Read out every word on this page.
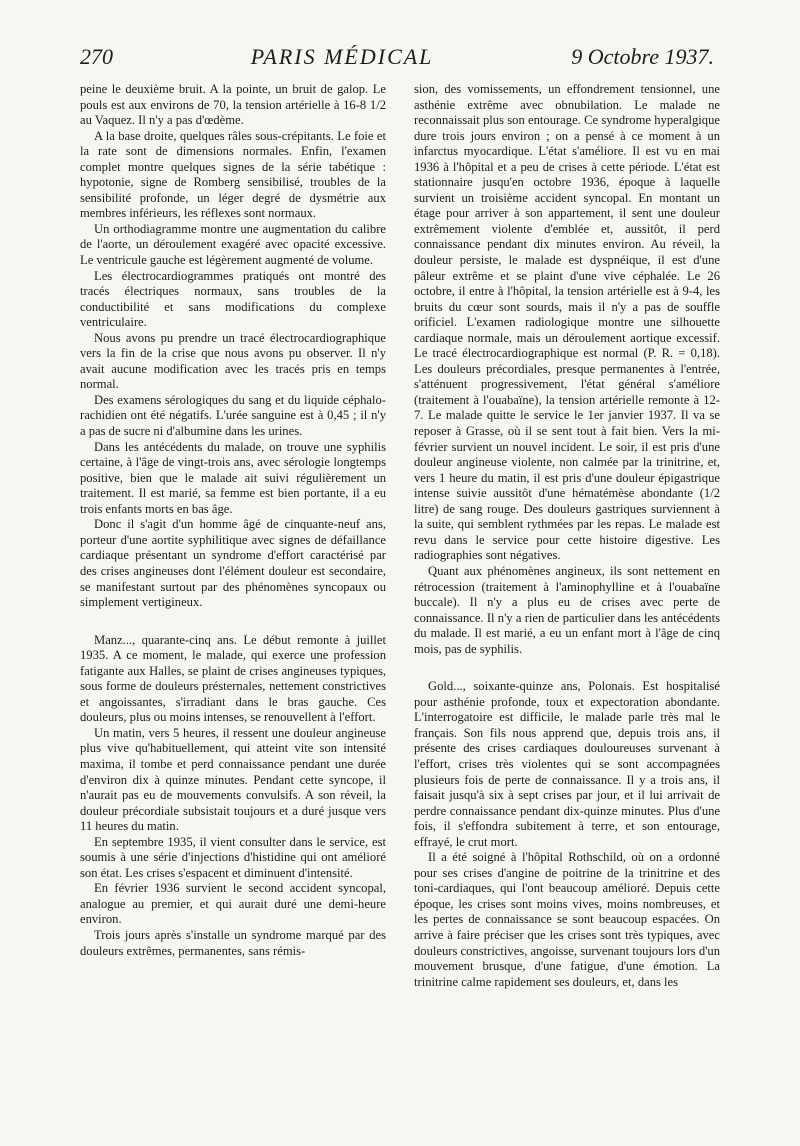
270	PARIS MÉDICAL	9 Octobre 1937.

peine le deuxième bruit. A la pointe, un bruit de galop. Le pouls est aux environs de 70, la tension artérielle à 16-8 1/2 au Vaquez. Il n'y a pas d'œdème.

A la base droite, quelques râles sous-crépitants. Le foie et la rate sont de dimensions normales. Enfin, l'examen complet montre quelques signes de la série tabétique : hypotonie, signe de Romberg sensibilisé, troubles de la sensibilité profonde, un léger degré de dysmétrie aux membres inférieurs, les réflexes sont normaux.

Un orthodiagramme montre une augmentation du calibre de l'aorte, un déroulement exagéré avec opacité excessive. Le ventricule gauche est légèrement augmenté de volume.

Les électrocardiogrammes pratiqués ont montré des tracés électriques normaux, sans troubles de la conductibilité et sans modifications du complexe ventriculaire.

Nous avons pu prendre un tracé électrocardiographique vers la fin de la crise que nous avons pu observer. Il n'y avait aucune modification avec les tracés pris en temps normal.

Des examens sérologiques du sang et du liquide céphalo-rachidien ont été négatifs. L'urée sanguine est à 0,45 ; il n'y a pas de sucre ni d'albumine dans les urines.

Dans les antécédents du malade, on trouve une syphilis certaine, à l'âge de vingt-trois ans, avec sérologie longtemps positive, bien que le malade ait suivi régulièrement un traitement. Il est marié, sa femme est bien portante, il a eu trois enfants morts en bas âge.

Donc il s'agit d'un homme âgé de cinquante-neuf ans, porteur d'une aortite syphilitique avec signes de défaillance cardiaque présentant un syndrome d'effort caractérisé par des crises angineuses dont l'élément douleur est secondaire, se manifestant surtout par des phénomènes syncopaux ou simplement vertigineux.

Manz..., quarante-cinq ans. Le début remonte à juillet 1935. A ce moment, le malade, qui exerce une profession fatigante aux Halles, se plaint de crises angineuses typiques, sous forme de douleurs présternales, nettement constrictives et angoissantes, s'irradiant dans le bras gauche. Ces douleurs, plus ou moins intenses, se renouvellent à l'effort.

Un matin, vers 5 heures, il ressent une douleur angineuse plus vive qu'habituellement, qui atteint vite son intensité maxima, il tombe et perd connaissance pendant une durée d'environ dix à quinze minutes. Pendant cette syncope, il n'aurait pas eu de mouvements convulsifs. A son réveil, la douleur précordiale subsistait toujours et a duré jusque vers 11 heures du matin.

En septembre 1935, il vient consulter dans le service, est soumis à une série d'injections d'histidine qui ont amélioré son état. Les crises s'espacent et diminuent d'intensité.

En février 1936 survient le second accident syncopal, analogue au premier, et qui aurait duré une demi-heure environ.

Trois jours après s'installe un syndrome marqué par des douleurs extrêmes, permanentes, sans rémis-

sion, des vomissements, un effondrement tensionnel, une asthénie extrême avec obnubilation. Le malade ne reconnaissait plus son entourage. Ce syndrome hyperalgique dure trois jours environ ; on a pensé à ce moment à un infarctus myocardique. L'état s'améliore. Il est vu en mai 1936 à l'hôpital et a peu de crises à cette période. L'état est stationnaire jusqu'en octobre 1936, époque à laquelle survient un troisième accident syncopal. En montant un étage pour arriver à son appartement, il sent une douleur extrêmement violente d'emblée et, aussitôt, il perd connaissance pendant dix minutes environ. Au réveil, la douleur persiste, le malade est dyspnéique, il est d'une pâleur extrême et se plaint d'une vive céphalée. Le 26 octobre, il entre à l'hôpital, la tension artérielle est à 9-4, les bruits du cœur sont sourds, mais il n'y a pas de souffle orificiel. L'examen radiologique montre une silhouette cardiaque normale, mais un déroulement aortique excessif. Le tracé électrocardiographique est normal (P. R. = 0,18). Les douleurs précordiales, presque permanentes à l'entrée, s'atténuent progressivement, l'état général s'améliore (traitement à l'ouabaïne), la tension artérielle remonte à 12-7. Le malade quitte le service le 1er janvier 1937. Il va se reposer à Grasse, où il se sent tout à fait bien. Vers la mi-février survient un nouvel incident. Le soir, il est pris d'une douleur angineuse violente, non calmée par la trinitrine, et, vers 1 heure du matin, il est pris d'une douleur épigastrique intense suivie aussitôt d'une hématémèse abondante (1/2 litre) de sang rouge. Des douleurs gastriques surviennent à la suite, qui semblent rythmées par les repas. Le malade est revu dans le service pour cette histoire digestive. Les radiographies sont négatives.

Quant aux phénomènes angineux, ils sont nettement en rétrocession (traitement à l'aminophylline et à l'ouabaïne buccale). Il n'y a plus eu de crises avec perte de connaissance. Il n'y a rien de particulier dans les antécédents du malade. Il est marié, a eu un enfant mort à l'âge de cinq mois, pas de syphilis.

Gold..., soixante-quinze ans, Polonais. Est hospitalisé pour asthénie profonde, toux et expectoration abondante. L'interrogatoire est difficile, le malade parle très mal le français. Son fils nous apprend que, depuis trois ans, il présente des crises cardiaques douloureuses survenant à l'effort, crises très violentes qui se sont accompagnées plusieurs fois de perte de connaissance. Il y a trois ans, il faisait jusqu'à six à sept crises par jour, et il lui arrivait de perdre connaissance pendant dix-quinze minutes. Plus d'une fois, il s'effondra subitement à terre, et son entourage, effrayé, le crut mort.

Il a été soigné à l'hôpital Rothschild, où on a ordonné pour ses crises d'angine de poitrine de la trinitrine et des toni-cardiaques, qui l'ont beaucoup amélioré. Depuis cette époque, les crises sont moins vives, moins nombreuses, et les pertes de connaissance se sont beaucoup espacées. On arrive à faire préciser que les crises sont très typiques, avec douleurs constrictives, angoisse, survenant toujours lors d'un mouvement brusque, d'une fatigue, d'une émotion. La trinitrine calme rapidement ses douleurs, et, dans les
